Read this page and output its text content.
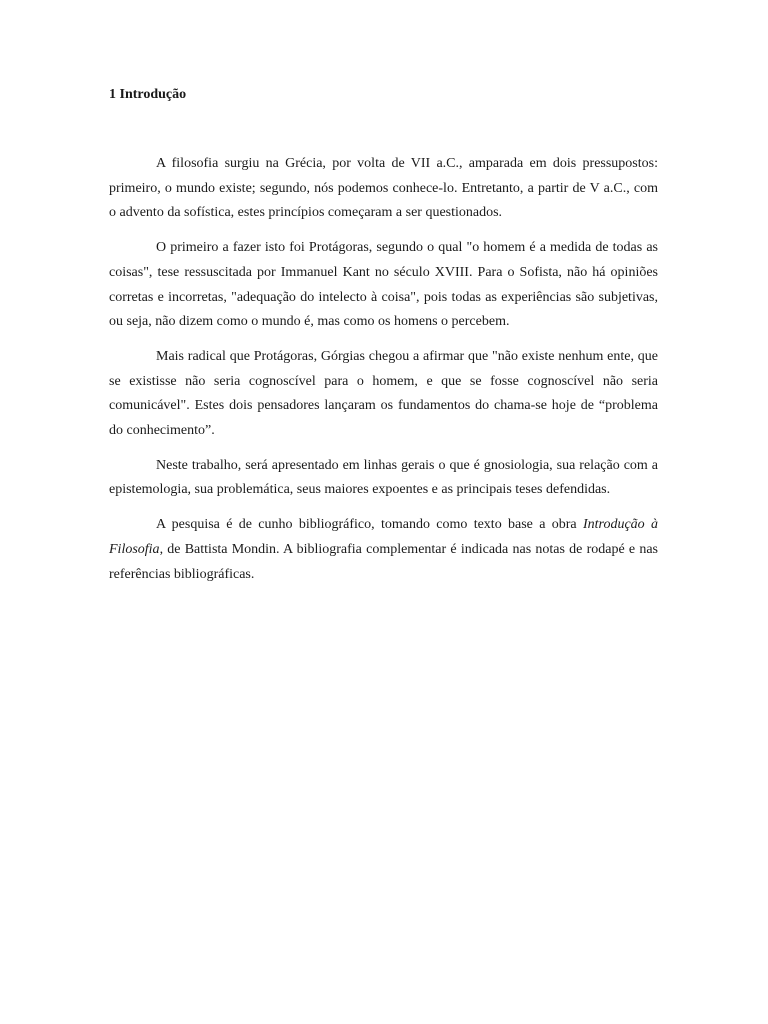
1 Introdução

A filosofia surgiu na Grécia, por volta de VII a.C., amparada em dois pressupostos: primeiro, o mundo existe; segundo, nós podemos conhece-lo. Entretanto, a partir de V a.C., com o advento da sofística, estes princípios começaram a ser questionados.

O primeiro a fazer isto foi Protágoras, segundo o qual "o homem é a medida de todas as coisas", tese ressuscitada por Immanuel Kant no século XVIII. Para o Sofista, não há opiniões corretas e incorretas, "adequação do intelecto à coisa", pois todas as experiências são subjetivas, ou seja, não dizem como o mundo é, mas como os homens o percebem.

Mais radical que Protágoras, Górgias chegou a afirmar que "não existe nenhum ente, que se existisse não seria cognoscível para o homem, e que se fosse cognoscível não seria comunicável". Estes dois pensadores lançaram os fundamentos do chama-se hoje de “problema do conhecimento”.

Neste trabalho, será apresentado em linhas gerais o que é gnosiologia, sua relação com a epistemologia, sua problemática, seus maiores expoentes e as principais teses defendidas.

A pesquisa é de cunho bibliográfico, tomando como texto base a obra Introdução à Filosofia, de Battista Mondin. A bibliografia complementar é indicada nas notas de rodapé e nas referências bibliográficas.
